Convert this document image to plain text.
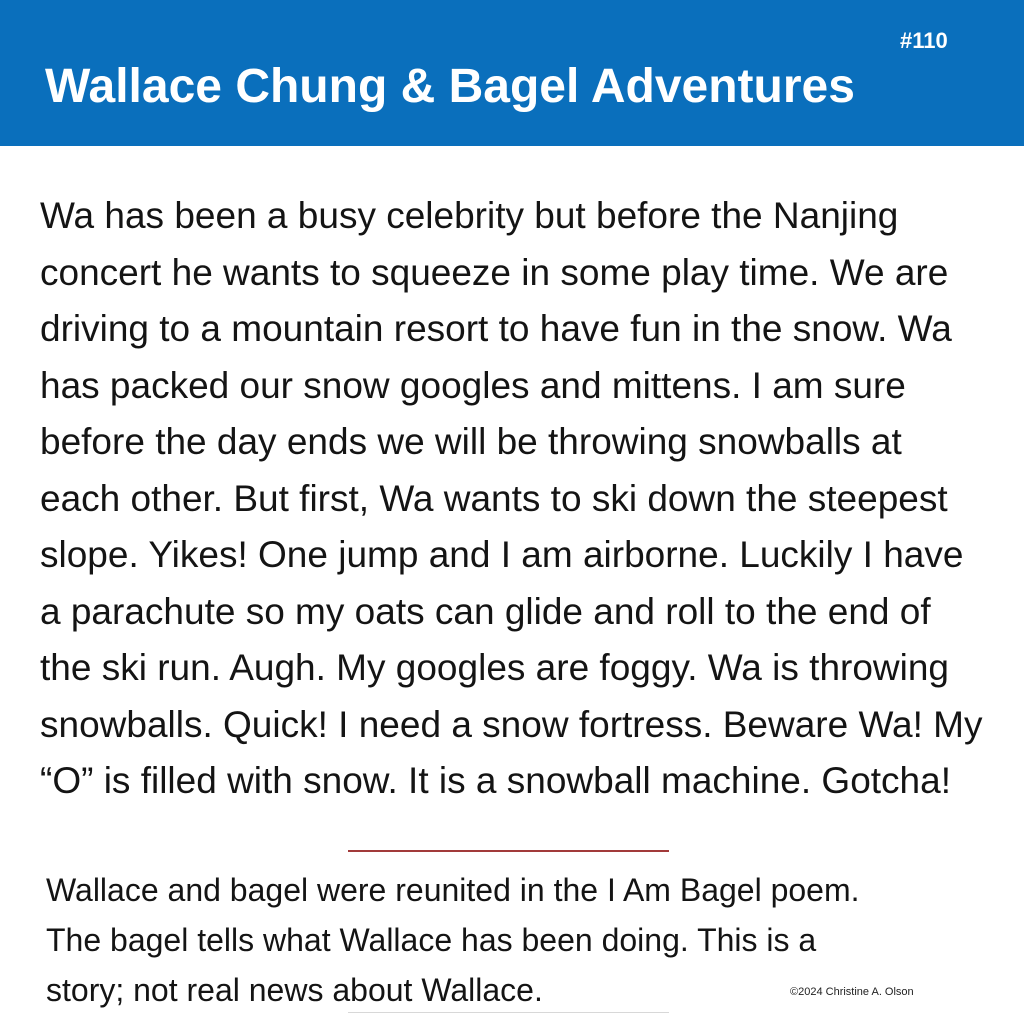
#110
Wallace Chung & Bagel Adventures
Wa has been a busy celebrity but before the Nanjing
concert he wants to squeeze in some play time. We are
driving to a mountain resort to have fun in the snow. Wa
has packed our snow googles and mittens. I am sure
before the day ends we will be throwing snowballs at
each other. But first, Wa wants to ski down the steepest
slope. Yikes! One jump and I am airborne. Luckily I have
a parachute so my oats can glide and roll to the end of
the ski run. Augh. My googles are foggy. Wa is throwing
snowballs. Quick! I need a snow fortress. Beware Wa! My
“O” is filled with snow. It is a snowball machine. Gotcha!
Wallace and bagel were reunited in the I Am Bagel poem.
The bagel tells what Wallace has been doing. This is a
story; not real news about Wallace.	©2024 Christine A. Olson
